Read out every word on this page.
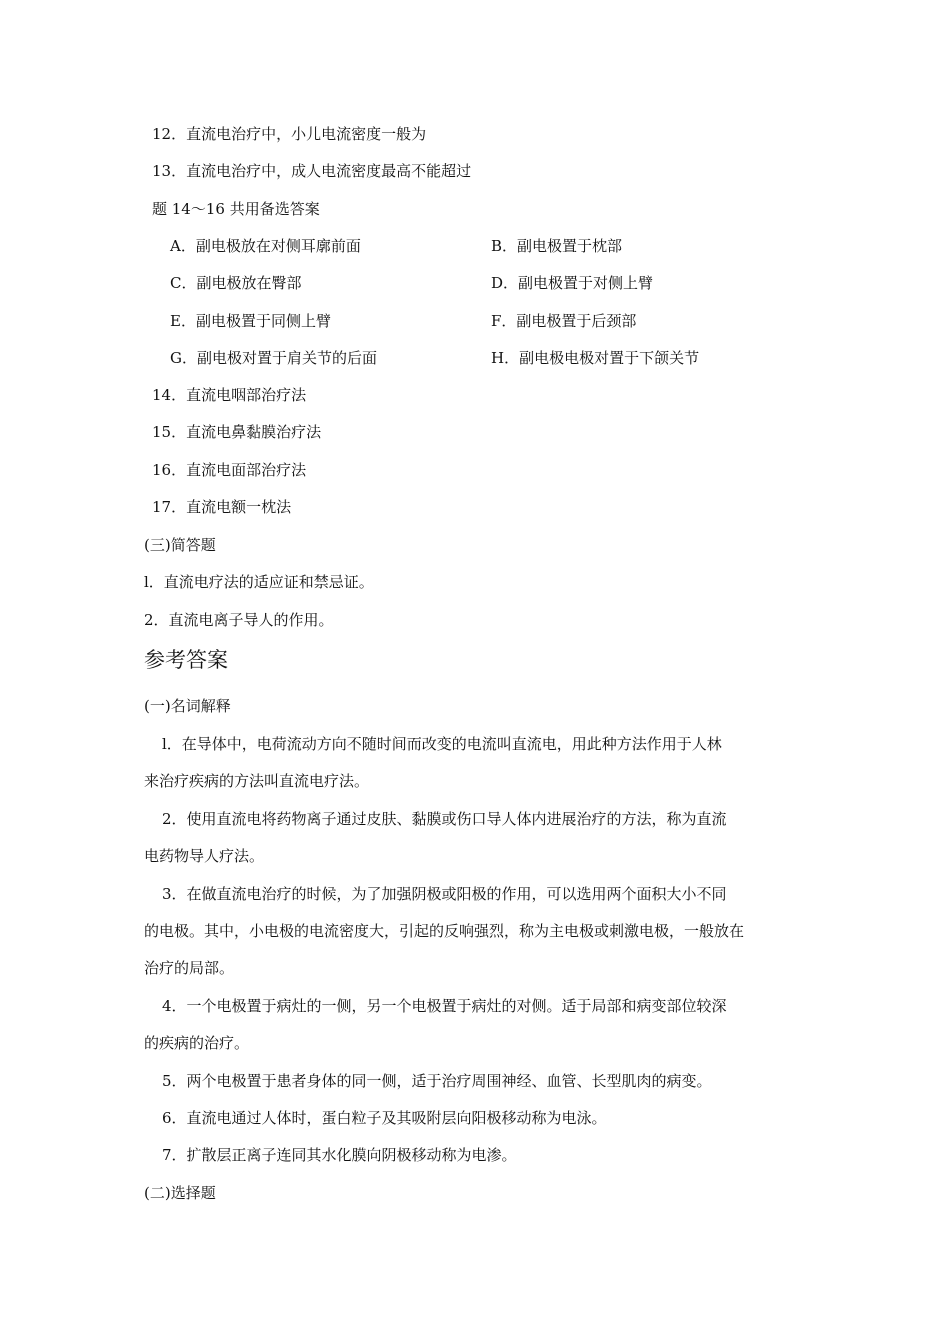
12．直流电治疗中，小儿电流密度一般为
13．直流电治疗中，成人电流密度最高不能超过
题 14～16 共用备选答案
A．副电极放在对侧耳廓前面	B．副电极置于枕部
C．副电极放在臀部	D．副电极置于对侧上臂
E．副电极置于同侧上臂	F．副电极置于后颈部
G．副电极对置于肩关节的后面	H．副电极电极对置于下颌关节
14．直流电咽部治疗法
15．直流电鼻黏膜治疗法
16．直流电面部治疗法
17．直流电额一枕法
(三)简答题
l．直流电疗法的适应证和禁忌证。
2．直流电离子导人的作用。
参考答案
(一)名词解释
l．在导体中，电荷流动方向不随时间而改变的电流叫直流电，用此种方法作用于人林
来治疗疾病的方法叫直流电疗法。
2．使用直流电将药物离子通过皮肤、黏膜或伤口导人体内进展治疗的方法，称为直流
电药物导人疗法。
3．在做直流电治疗的时候，为了加强阴极或阳极的作用，可以选用两个面积大小不同
的电极。其中，小电极的电流密度大，引起的反响强烈，称为主电极或刺激电极，一般放在
治疗的局部。
4．一个电极置于病灶的一侧，另一个电极置于病灶的对侧。适于局部和病变部位较深
的疾病的治疗。
5．两个电极置于患者身体的同一侧，适于治疗周围神经、血管、长型肌肉的病变。
6．直流电通过人体时，蛋白粒子及其吸附层向阳极移动称为电泳。
7．扩散层正离子连同其水化膜向阴极移动称为电渗。
(二)选择题
